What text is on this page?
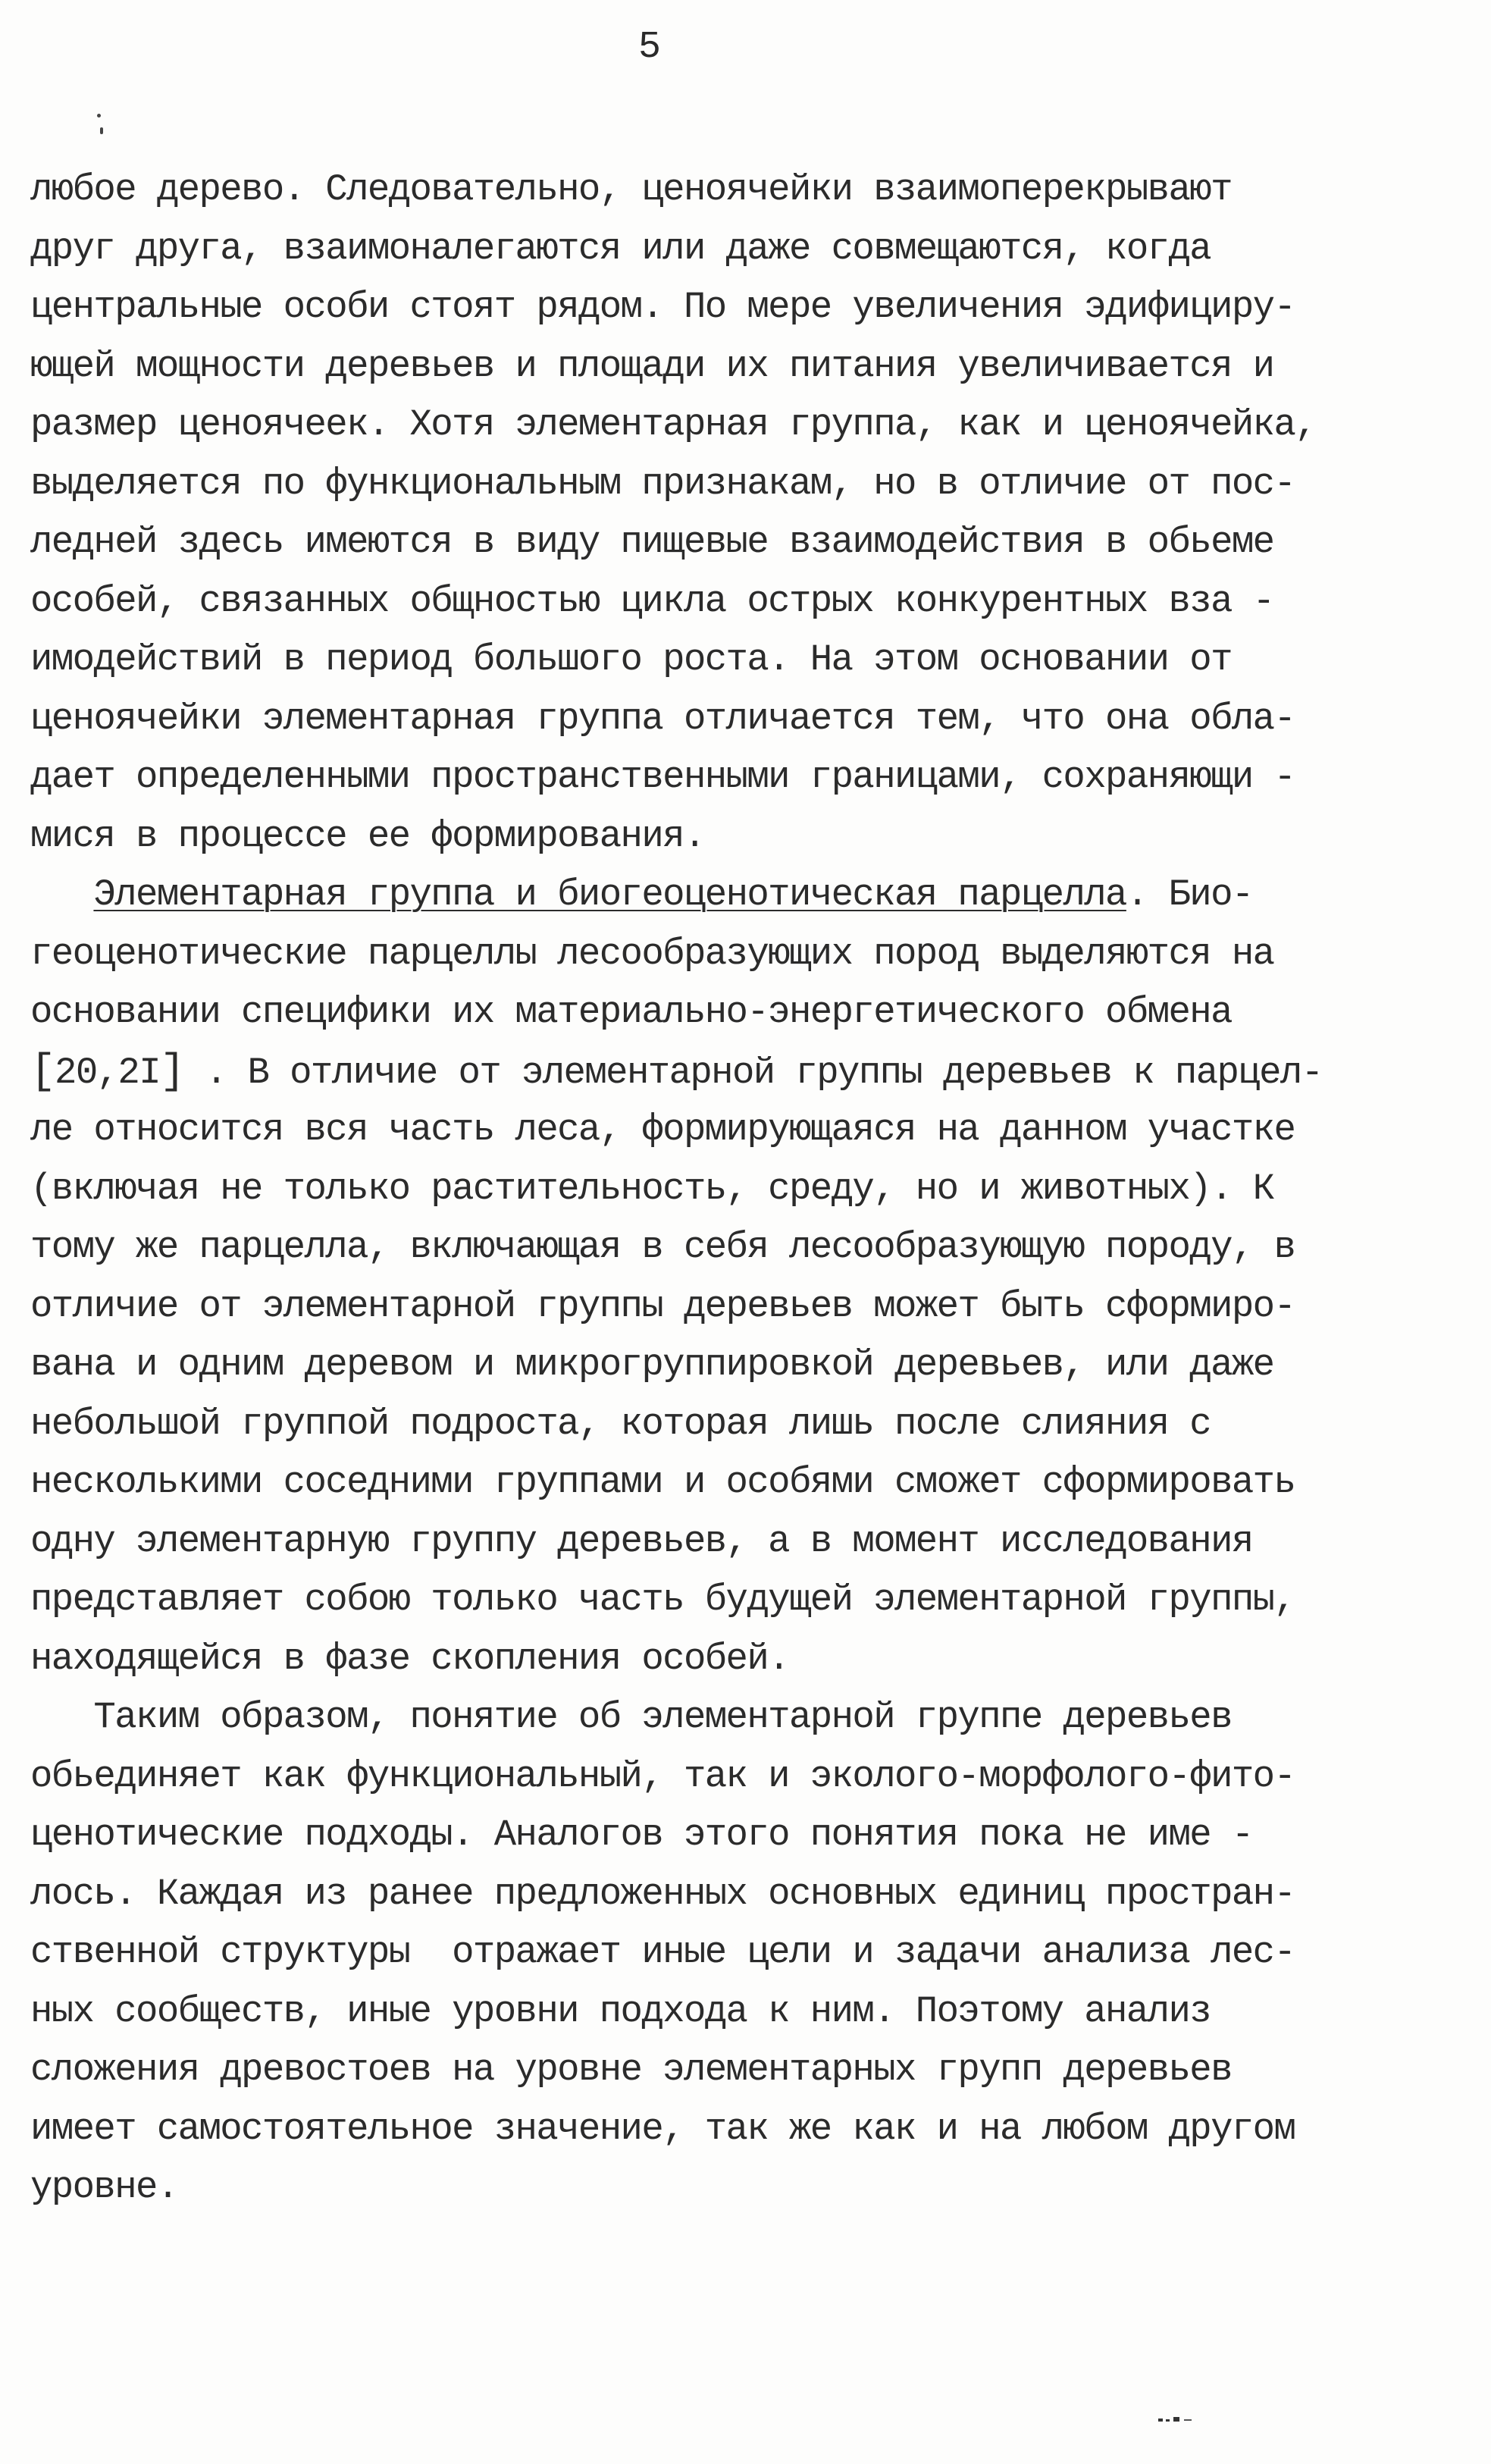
5
любое дерево. Следовательно, ценоячейки взаимоперекрывают
друг друга, взаимоналегаются или даже совмещаются, когда
центральные особи стоят рядом. По мере увеличения эдифициру-
ющей мощности деревьев и площади их питания увеличивается и
размер ценоячеек. Хотя элементарная группа, как и ценоячейка,
выделяется по функциональным признакам, но в отличие от пос-
ледней здесь имеются в виду пищевые взаимодействия в обьеме
особей, связанных общностью цикла острых конкурентных вза -
имодействий в период большого роста. На этом основании от
ценоячейки элементарная группа отличается тем, что она обла-
дает определенными пространственными границами, сохраняющи -
мися в процессе ее формирования.
Элементарная группа и биогеоценотическая парцелла. Био-
геоценотические парцеллы лесообразующих пород выделяются на
основании специфики их материально-энергетического обмена
[20,2I] . В отличие от элементарной группы деревьев к парцел-
ле относится вся часть леса, формирующаяся на данном участке
(включая не только растительность, среду, но и животных). К
тому же парцелла, включающая в себя лесообразующую породу, в
отличие от элементарной группы деревьев может быть сформиро-
вана и одним деревом и микрогруппировкой деревьев, или даже
небольшой группой подроста, которая лишь после слияния с
несколькими соседними группами и особями сможет сформировать
одну элементарную группу деревьев, а в момент исследования
представляет собою только часть будущей элементарной группы,
находящейся в фазе скопления особей.
Таким образом, понятие об элементарной группе деревьев
обьединяет как функциональный, так и эколого-морфолого-фито-
ценотические подходы. Аналогов этого понятия пока не име -
лось. Каждая из ранее предложенных основных единиц простран-
ственной структуры  отражает иные цели и задачи анализа лес-
ных сообществ, иные уровни подхода к ним. Поэтому анализ
сложения древостоев на уровне элементарных групп деревьев
имеет самостоятельное значение, так же как и на любом другом
уровне.
